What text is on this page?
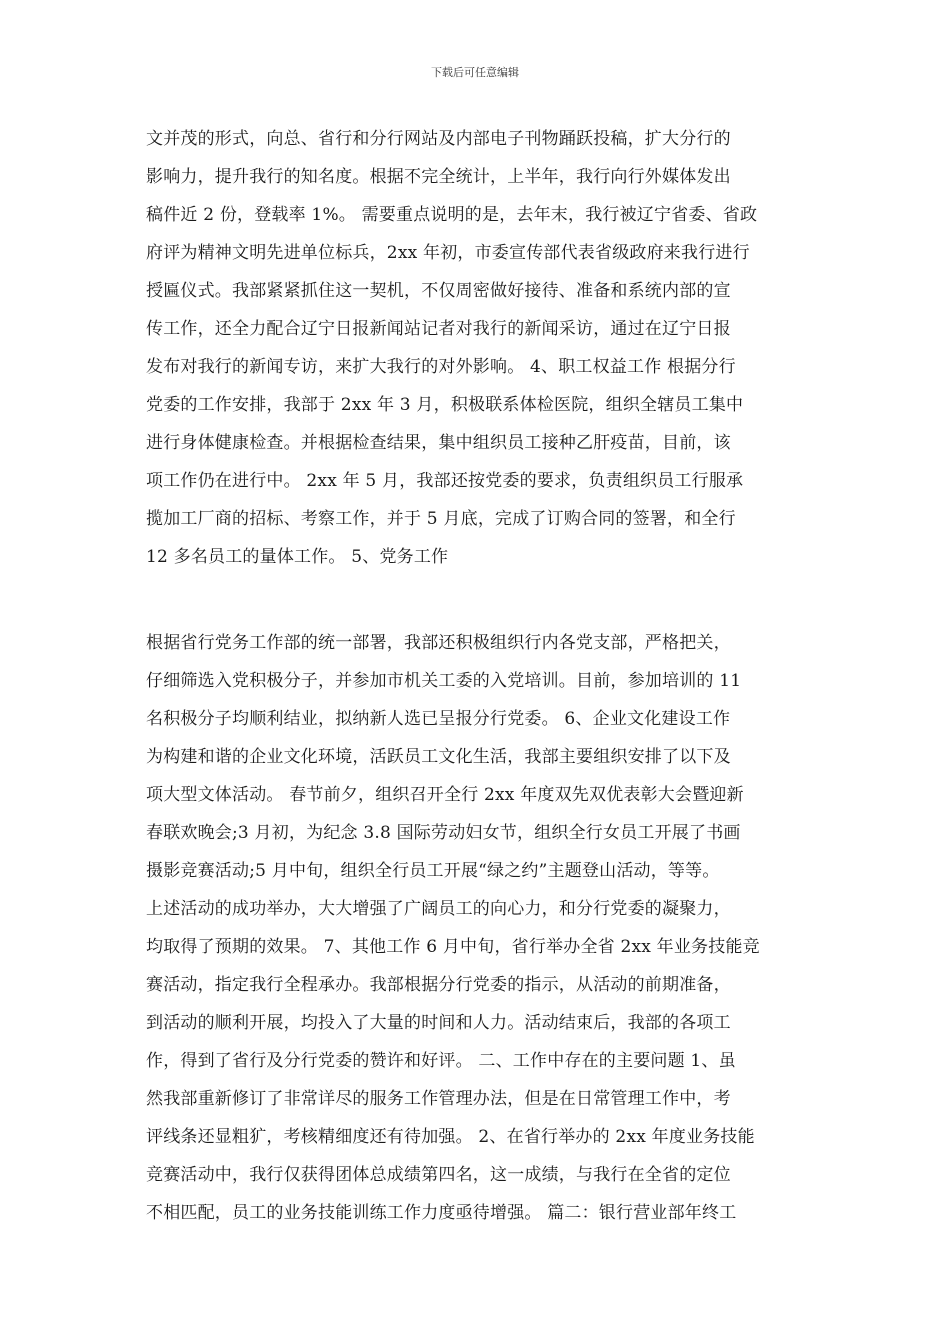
下载后可任意编辑
文并茂的形式，向总、省行和分行网站及内部电子刊物踊跃投稿，扩大分行的
影响力，提升我行的知名度。根据不完全统计，上半年，我行向行外媒体发出
稿件近 2 份，登载率 1%。 需要重点说明的是，去年末，我行被辽宁省委、省政
府评为精神文明先进单位标兵，2xx 年初，市委宣传部代表省级政府来我行进行
授匾仪式。我部紧紧抓住这一契机，不仅周密做好接待、准备和系统内部的宣
传工作，还全力配合辽宁日报新闻站记者对我行的新闻采访，通过在辽宁日报
发布对我行的新闻专访，来扩大我行的对外影响。 4、职工权益工作 根据分行
党委的工作安排，我部于 2xx 年 3 月，积极联系体检医院，组织全辖员工集中
进行身体健康检查。并根据检查结果，集中组织员工接种乙肝疫苗，目前，该
项工作仍在进行中。 2xx 年 5 月，我部还按党委的要求，负责组织员工行服承
揽加工厂商的招标、考察工作，并于 5 月底，完成了订购合同的签署，和全行
12 多名员工的量体工作。 5、党务工作
根据省行党务工作部的统一部署，我部还积极组织行内各党支部，严格把关，
仔细筛选入党积极分子，并参加市机关工委的入党培训。目前，参加培训的 11
名积极分子均顺利结业，拟纳新人选已呈报分行党委。 6、企业文化建设工作
为构建和谐的企业文化环境，活跃员工文化生活，我部主要组织安排了以下及
项大型文体活动。 春节前夕，组织召开全行 2xx 年度双先双优表彰大会暨迎新
春联欢晚会;3 月初，为纪念 3.8 国际劳动妇女节，组织全行女员工开展了书画
摄影竞赛活动;5 月中旬，组织全行员工开展“绿之约”主题登山活动，等等。
上述活动的成功举办，大大增强了广阔员工的向心力，和分行党委的凝聚力，
均取得了预期的效果。 7、其他工作 6 月中旬，省行举办全省 2xx 年业务技能竞
赛活动，指定我行全程承办。我部根据分行党委的指示，从活动的前期准备，
到活动的顺利开展，均投入了大量的时间和人力。活动结束后，我部的各项工
作，得到了省行及分行党委的赞许和好评。 二、工作中存在的主要问题 1、虽
然我部重新修订了非常详尽的服务工作管理办法，但是在日常管理工作中，考
评线条还显粗犷，考核精细度还有待加强。 2、在省行举办的 2xx 年度业务技能
竞赛活动中，我行仅获得团体总成绩第四名，这一成绩，与我行在全省的定位
不相匹配，员工的业务技能训练工作力度亟待增强。 篇二：银行营业部年终工
